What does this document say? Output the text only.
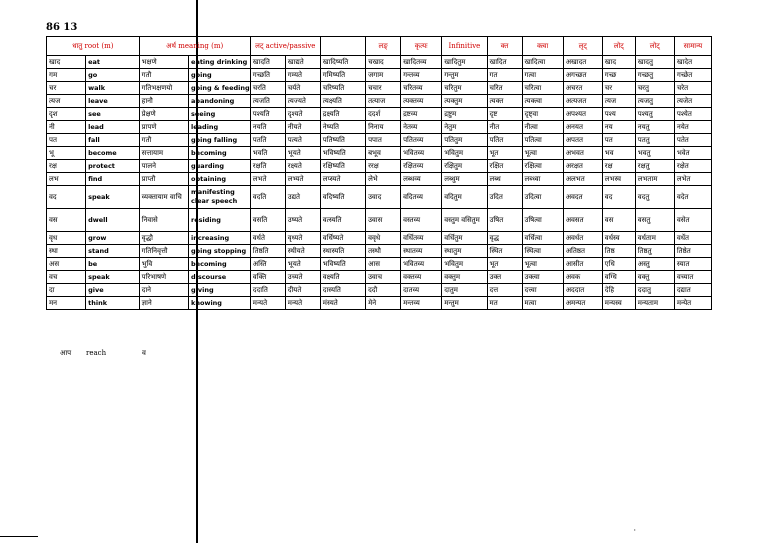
86 13
धातु root (m)		अर्थ meaning (m)		लट् active/passive			लङ्	कृत्यः	Infinitive	क्त	क्त्वा	लृट्	लोट्	लोट्	सामान्य
खाद	eat	भक्षणे	eating drinking	खादति	खाद्यते	खादिष्यति	चखाद	खादितव्य	खादितुम	खादित	खादित्वा	अखादत	खाद	खादतु	खादेत
गम	go	गतौ	going	गच्छति	गम्यते	गमिष्यति	जगाम	गन्तव्य	गन्तुम	गत	गत्वा	अगच्छत	गच्छ	गच्छतु	गच्छेत
चर	walk	गतिभक्षणयो	going & feeding	चरति	चर्यते	चरिष्यति	चचार	चरितव्य	चरितुम	चरित	चरित्वा	अचरत	चर	चरतु	चरेत
त्यज	leave	हानौ	abandoning	त्यजति	त्यज्यते	त्यक्ष्यति	तत्याज	त्यक्तव्य	त्यक्तुम	त्यक्त	त्यक्त्वा	अत्यजत	त्यज	त्यजतु	त्यजेत
दृश	see	प्रेक्षणे	seeing	पश्यति	दृश्यते	द्रक्ष्यति	ददर्श	द्रष्टव्य	द्रष्टुम	दृष्ट	दृष्ट्वा	अपश्यत	पश्य	पश्यतु	पश्येत
नी	lead	प्रापणे	leading	नयति	नीयते	नेष्यति	निनाय	नेतव्य	नेतुम	नीत	नीत्वा	अनयत	नय	नयतु	नयेत
पत	fall	गतौ	going falling	पतति	पत्यते	पतिष्यति	पपात	पतितव्य	पतितुम	पतित	पतित्वा	अपतत	पत	पततु	पतेत
भू	become	सत्तायाम	becoming	भवति	भूयते	भविष्यति	बभूव	भवितव्य	भवितुम	भूत	भूत्वा	अभवत	भव	भवतु	भवेत
रक्ष	protect	पालने	guarding	रक्षति	रक्ष्यते	रक्षिष्यति	ररक्ष	रक्षितव्य	रक्षितुम	रक्षित	रक्षित्वा	अरक्षत	रक्ष	रक्षतु	रक्षेत
लभ	find	प्राप्तौ	obtaining	लभते	लभ्यते	लप्स्यते	लेभे	लब्धव्य	लब्धुम	लब्ध	लब्ध्वा	अलभत	लभस्व	लभताम	लभेत
वद	speak	व्यक्तायाम वाचि	manifesting clear speech	वदति	उद्यते	वदिष्यति	उवाद	वदितव्य	वदितुम	उदित	उदित्वा	अवदत	वद	वदतु	वदेत
वस	dwell	निवासे	residing	वसति	उष्यते	वत्स्यति	उवास	वस्तव्य	वस्तुम वसितुम	उषित	उषित्वा	अवसत	वस	वसतु	वसेत
वृध	grow	वृद्धौ	increasing	वर्धते	वृध्यते	वर्धिष्यते	ववृधे	वर्धितव्य	वर्धितुम	वृद्ध	वर्धित्वा	अवर्धत	वर्धस्व	वर्धताम	वर्धेत
स्था	stand	गतिनिवृत्तौ	going stopping	तिष्ठति	स्थीयते	स्थास्यति	तस्थौ	स्थातव्य	स्थातुम	स्थित	स्थित्वा	अतिष्ठत	तिष्ठ	तिष्ठतु	तिष्ठेत
अस	be	भुवि	becoming	अस्ति	भूयते	भविष्यति	आस	भवितव्य	भवितुम	भूत	भूत्वा	आसीत	एधि	अस्तु	स्यात
वच	speak	परिभाषणे	discourse	वक्ति	उच्यते	वक्ष्यति	उवाच	वक्तव्य	वक्तुम	उक्त	उक्त्वा	अवक	वग्धि	वक्तु	वच्यात
दा	give	दाने	giving	ददाति	दीयते	दास्यति	ददौ	दातव्य	दातुम	दत्त	दत्त्वा	अददात	देहि	ददातु	दद्यात
मन	think	ज्ञाने	knowing	मन्यते	मन्यते	मंस्यते	मेने	मन्तव्य	मन्तुम	मत	मत्वा	अमन्यत	मन्यस्व	मन्यताम	मन्येत
आप reach	व
·
